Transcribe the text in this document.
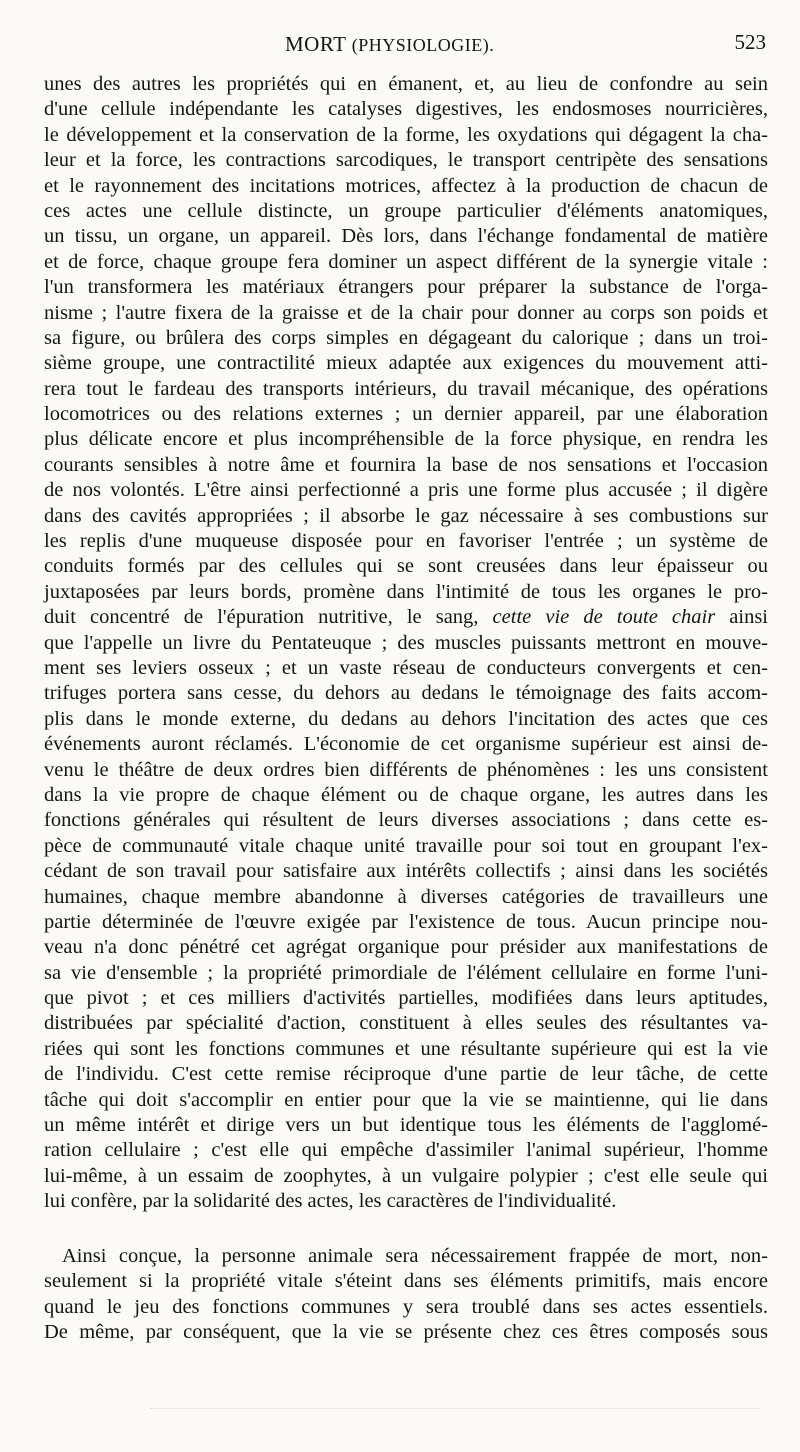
MORT (PHYSIOLOGIE).	523
unes des autres les propriétés qui en émanent, et, au lieu de confondre au sein
d'une cellule indépendante les catalyses digestives, les endosmoses nourricières,
le développement et la conservation de la forme, les oxydations qui dégagent la cha-
leur et la force, les contractions sarcodiques, le transport centripète des sensations
et le rayonnement des incitations motrices, affectez à la production de chacun de
ces actes une cellule distincte, un groupe particulier d'éléments anatomiques,
un tissu, un organe, un appareil. Dès lors, dans l'échange fondamental de matière
et de force, chaque groupe fera dominer un aspect différent de la synergie vitale :
l'un transformera les matériaux étrangers pour préparer la substance de l'orga-
nisme ; l'autre fixera de la graisse et de la chair pour donner au corps son poids et
sa figure, ou brûlera des corps simples en dégageant du calorique ; dans un troi-
sième groupe, une contractilité mieux adaptée aux exigences du mouvement atti-
rera tout le fardeau des transports intérieurs, du travail mécanique, des opérations
locomotrices ou des relations externes ; un dernier appareil, par une élaboration
plus délicate encore et plus incompréhensible de la force physique, en rendra les
courants sensibles à notre âme et fournira la base de nos sensations et l'occasion
de nos volontés. L'être ainsi perfectionné a pris une forme plus accusée ; il digère
dans des cavités appropriées ; il absorbe le gaz nécessaire à ses combustions sur
les replis d'une muqueuse disposée pour en favoriser l'entrée ; un système de
conduits formés par des cellules qui se sont creusées dans leur épaisseur ou
juxtaposées par leurs bords, promène dans l'intimité de tous les organes le pro-
duit concentré de l'épuration nutritive, le sang, cette vie de toute chair ainsi
que l'appelle un livre du Pentateuque ; des muscles puissants mettront en mouve-
ment ses leviers osseux ; et un vaste réseau de conducteurs convergents et cen-
trifuges portera sans cesse, du dehors au dedans le témoignage des faits accom-
plis dans le monde externe, du dedans au dehors l'incitation des actes que ces
événements auront réclamés. L'économie de cet organisme supérieur est ainsi de-
venu le théâtre de deux ordres bien différents de phénomènes : les uns consistent
dans la vie propre de chaque élément ou de chaque organe, les autres dans les
fonctions générales qui résultent de leurs diverses associations ; dans cette es-
pèce de communauté vitale chaque unité travaille pour soi tout en groupant l'ex-
cédant de son travail pour satisfaire aux intérêts collectifs ; ainsi dans les sociétés
humaines, chaque membre abandonne à diverses catégories de travailleurs une
partie déterminée de l'œuvre exigée par l'existence de tous. Aucun principe nou-
veau n'a donc pénétré cet agrégat organique pour présider aux manifestations de
sa vie d'ensemble ; la propriété primordiale de l'élément cellulaire en forme l'uni-
que pivot ; et ces milliers d'activités partielles, modifiées dans leurs aptitudes,
distribuées par spécialité d'action, constituent à elles seules des résultantes va-
riées qui sont les fonctions communes et une résultante supérieure qui est la vie
de l'individu. C'est cette remise réciproque d'une partie de leur tâche, de cette
tâche qui doit s'accomplir en entier pour que la vie se maintienne, qui lie dans
un même intérêt et dirige vers un but identique tous les éléments de l'agglomé-
ration cellulaire ; c'est elle qui empêche d'assimiler l'animal supérieur, l'homme
lui-même, à un essaim de zoophytes, à un vulgaire polypier ; c'est elle seule qui
lui confère, par la solidarité des actes, les caractères de l'individualité.
Ainsi conçue, la personne animale sera nécessairement frappée de mort, non-
seulement si la propriété vitale s'éteint dans ses éléments primitifs, mais encore
quand le jeu des fonctions communes y sera troublé dans ses actes essentiels.
De même, par conséquent, que la vie se présente chez ces êtres composés sous
